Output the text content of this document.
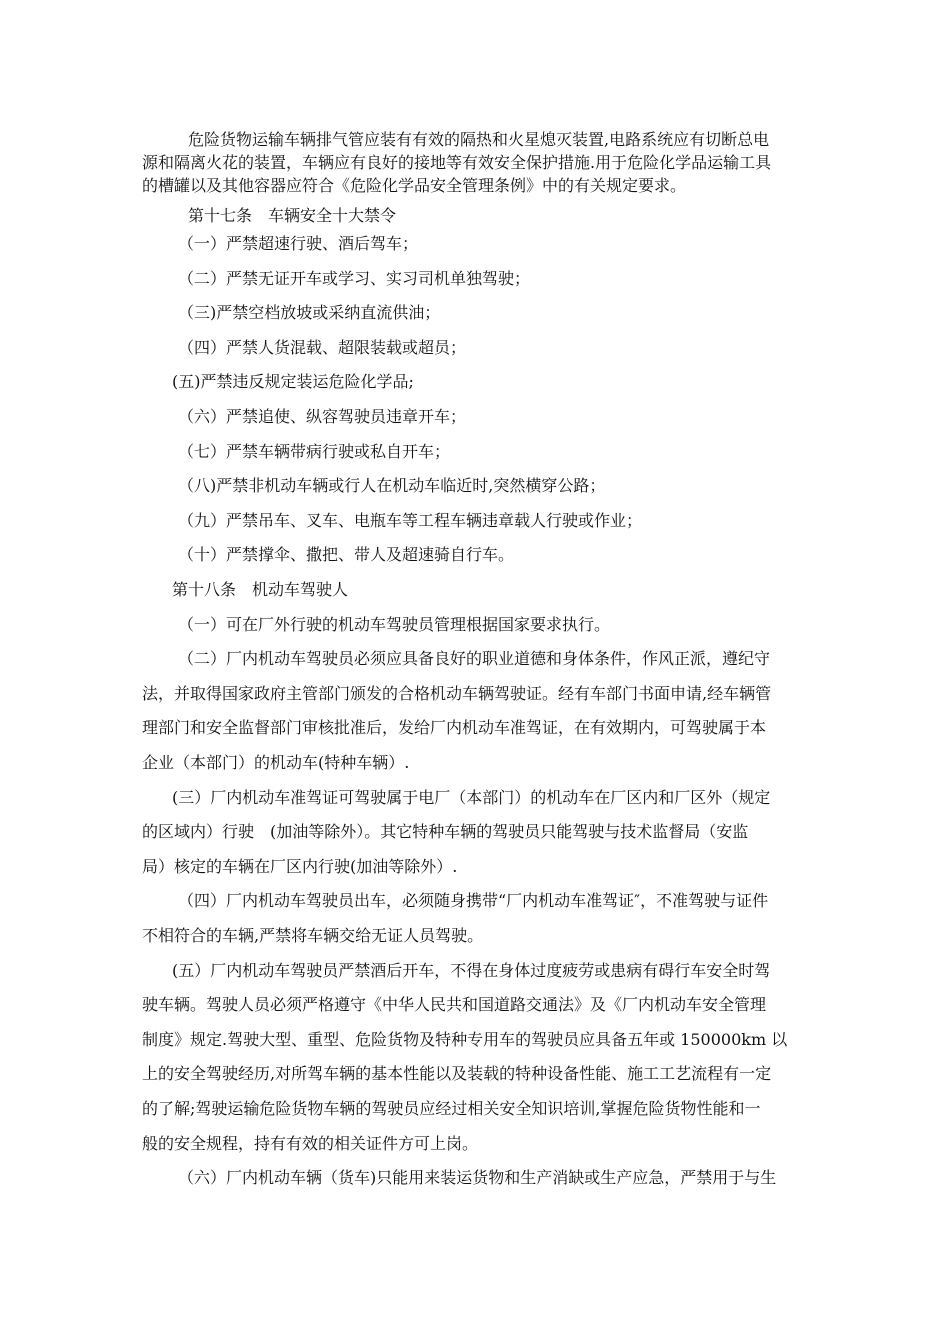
危险货物运输车辆排气管应装有有效的隔热和火星熄灭装置,电路系统应有切断总电
源和隔离火花的装置，车辆应有良好的接地等有效安全保护措施.用于危险化学品运输工具
的槽罐以及其他容器应符合《危险化学品安全管理条例》中的有关规定要求。
第十七条　车辆安全十大禁令
（一）严禁超速行驶、酒后驾车；
（二）严禁无证开车或学习、实习司机单独驾驶；
（三)严禁空档放坡或采纳直流供油；
（四）严禁人货混载、超限装载或超员；
(五)严禁违反规定装运危险化学品;
（六）严禁追使、纵容驾驶员违章开车；
（七）严禁车辆带病行驶或私自开车；
（八)严禁非机动车辆或行人在机动车临近时,突然横穿公路；
（九）严禁吊车、叉车、电瓶车等工程车辆违章载人行驶或作业；
（十）严禁撑伞、撒把、带人及超速骑自行车。
第十八条　机动车驾驶人
（一）可在厂外行驶的机动车驾驶员管理根据国家要求执行。
（二）厂内机动车驾驶员必须应具备良好的职业道德和身体条件，作风正派，遵纪守
法，并取得国家政府主管部门颁发的合格机动车辆驾驶证。经有车部门书面申请,经车辆管
理部门和安全监督部门审核批准后，发给厂内机动车准驾证，在有效期内，可驾驶属于本
企业（本部门）的机动车(特种车辆）.
(三）厂内机动车准驾证可驾驶属于电厂（本部门）的机动车在厂区内和厂区外（规定
的区域内）行驶　(加油等除外）。其它特种车辆的驾驶员只能驾驶与技术监督局（安监
局）核定的车辆在厂区内行驶(加油等除外）.
（四）厂内机动车驾驶员出车，必须随身携带“厂内机动车准驾证″，不准驾驶与证件
不相符合的车辆,严禁将车辆交给无证人员驾驶。
(五）厂内机动车驾驶员严禁酒后开车，不得在身体过度疲劳或患病有碍行车安全时驾
驶车辆。驾驶人员必须严格遵守《中华人民共和国道路交通法》及《厂内机动车安全管理
制度》规定.驾驶大型、重型、危险货物及特种专用车的驾驶员应具备五年或 150000km 以
上的安全驾驶经历,对所驾车辆的基本性能以及装载的特种设备性能、施工工艺流程有一定
的了解;驾驶运输危险货物车辆的驾驶员应经过相关安全知识培训,掌握危险货物性能和一
般的安全规程，持有有效的相关证件方可上岗。
（六）厂内机动车辆（货车)只能用来装运货物和生产消缺或生产应急，严禁用于与生
